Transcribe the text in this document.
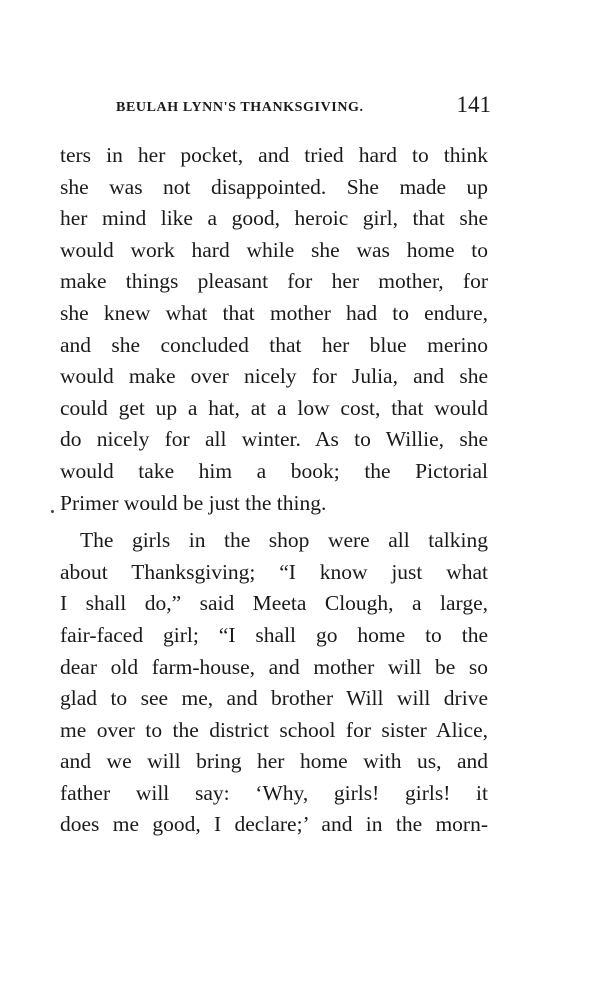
BEULAH LYNN'S THANKSGIVING.	141
ters in her pocket, and tried hard to think
she was not disappointed. She made up
her mind like a good, heroic girl, that she
would work hard while she was home to
make things pleasant for her mother, for
she knew what that mother had to endure,
and she concluded that her blue merino
would make over nicely for Julia, and she
could get up a hat, at a low cost, that would
do nicely for all winter. As to Willie, she
would take him a book; the Pictorial
Primer would be just the thing.
The girls in the shop were all talking
about Thanksgiving; “I know just what
I shall do,” said Meeta Clough, a large,
fair-faced girl; “I shall go home to the
dear old farm-house, and mother will be so
glad to see me, and brother Will will drive
me over to the district school for sister Alice,
and we will bring her home with us, and
father will say: ‘Why, girls! girls! it
does me good, I declare;’ and in the morn-
